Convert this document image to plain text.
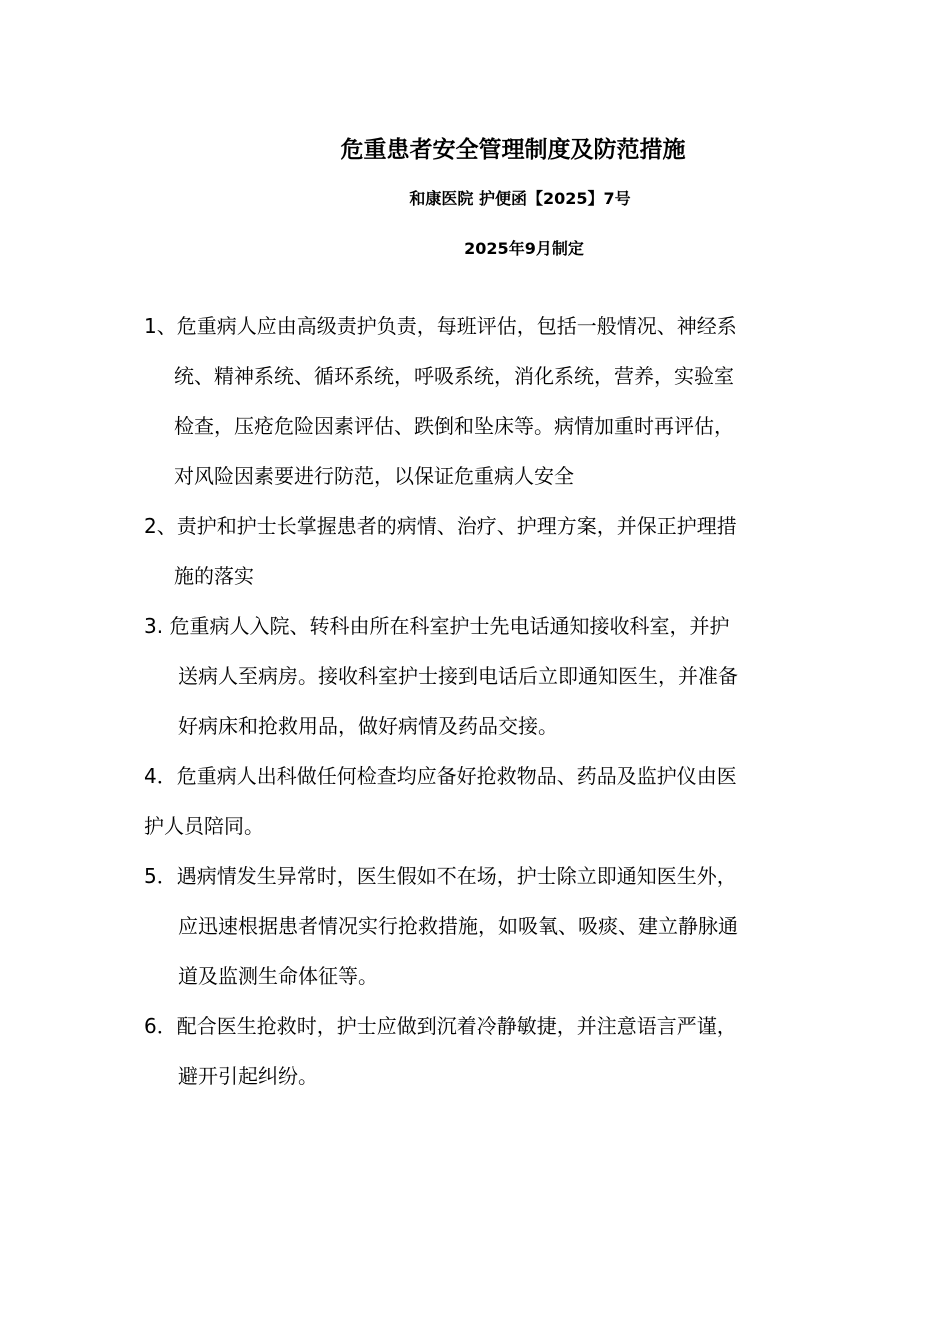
危重患者安全管理制度及防范措施
和康医院 护便函【2025】7号
2025年9月制定
1、危重病人应由高级责护负责，每班评估，包括一般情况、神经系
统、精神系统、循环系统，呼吸系统，消化系统，营养，实验室
检查，压疮危险因素评估、跌倒和坠床等。病情加重时再评估，
对风险因素要进行防范，以保证危重病人安全
2、责护和护士长掌握患者的病情、治疗、护理方案，并保正护理措
施的落实
3. 危重病人入院、转科由所在科室护士先电话通知接收科室，并护
送病人至病房。接收科室护士接到电话后立即通知医生，并准备
好病床和抢救用品，做好病情及药品交接。
4．危重病人出科做任何检查均应备好抢救物品、药品及监护仪由医
护人员陪同。
5．遇病情发生异常时，医生假如不在场，护士除立即通知医生外，
应迅速根据患者情况实行抢救措施，如吸氧、吸痰、建立静脉通
道及监测生命体征等。
6．配合医生抢救时，护士应做到沉着冷静敏捷，并注意语言严谨，
避开引起纠纷。
